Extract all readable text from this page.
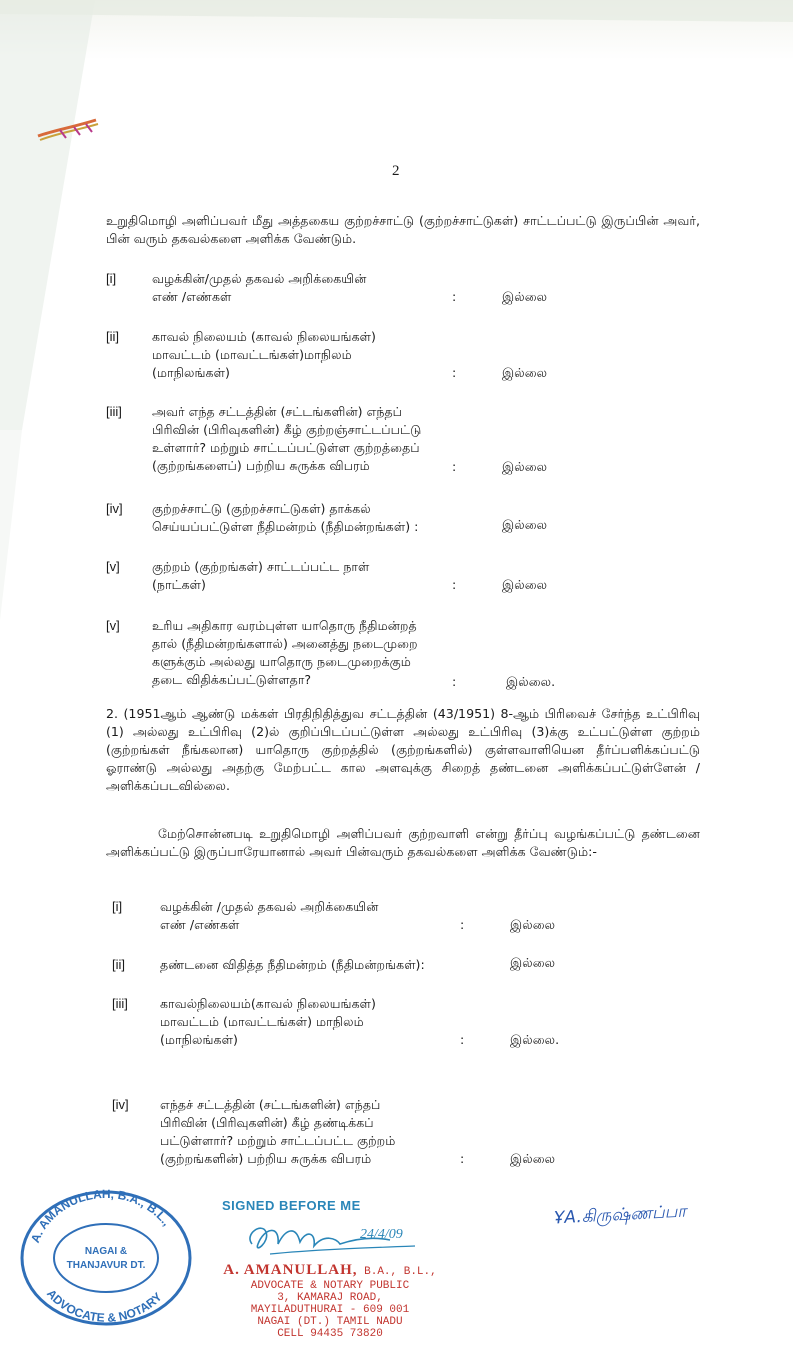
2
உறுதிமொழி அளிப்பவர் மீது அத்தகைய குற்றச்சாட்டு (குற்றச்சாட்டுகள்) சாட்டப்பட்டு இருப்பின் அவர், பின் வரும் தகவல்களை அளிக்க வேண்டும்.
[i]	வழக்கின்/முதல் தகவல் அறிக்கையின்
எண் /எண்கள்	:	இல்லை
[ii]	காவல் நிலையம் (காவல் நிலையங்கள்)
மாவட்டம் (மாவட்டங்கள்)மாநிலம்
(மாநிலங்கள்)	:	இல்லை
[iii] அவர் எந்த சட்டத்தின் (சட்டங்களின்) எந்தப்
பிரிவின் (பிரிவுகளின்) கீழ் குற்றஞ்சாட்டப்பட்டு
உள்ளார்? மற்றும் சாட்டப்பட்டுள்ள குற்றத்தைப்
(குற்றங்களைப்) பற்றிய சுருக்க விபரம்	:	இல்லை
[iv] குற்றச்சாட்டு (குற்றச்சாட்டுகள்) தாக்கல்
செய்யப்பட்டுள்ள நீதிமன்றம் (நீதிமன்றங்கள்) :	இல்லை
[v]	குற்றம் (குற்றங்கள்) சாட்டப்பட்ட நாள்
(நாட்கள்)	:	இல்லை
[v]	உரிய அதிகார வரம்புள்ள யாதொரு நீதிமன்றத்
தால் (நீதிமன்றங்களால்) அனைத்து நடைமுறை
களுக்கும் அல்லது யாதொரு நடைமுறைக்கும்
தடை விதிக்கப்பட்டுள்ளதா?	:	இல்லை.
2. (1951ஆம் ஆண்டு மக்கள் பிரதிநிதித்துவ சட்டத்தின் (43/1951) 8-ஆம் பிரிவைச் சேர்ந்த உட்பிரிவு (1) அல்லது உட்பிரிவு (2)ல் குறிப்பிடப்பட்டுள்ள அல்லது உட்பிரிவு (3)க்கு உட்பட்டுள்ள குற்றம் (குற்றங்கள் நீங்கலான) யாதொரு குற்றத்தில் (குற்றங்களில்) குள்ளவாளியென தீர்ப்பளிக்கப்பட்டு ஓராண்டு அல்லது அதற்கு மேற்பட்ட கால அளவுக்கு சிறைத் தண்டனை அளிக்கப்பட்டுள்ளேன் /அளிக்கப்படவில்லை.
மேற்சொன்னபடி உறுதிமொழி அளிப்பவர் குற்றவாளி என்று தீர்ப்பு வழங்கப்பட்டு தண்டனை அளிக்கப்பட்டு இருப்பாரேயானால் அவர் பின்வரும் தகவல்களை அளிக்க வேண்டும்:-
[i]	வழக்கின் /முதல் தகவல் அறிக்கையின்
எண் /எண்கள்	:	இல்லை
[ii]	தண்டனை விதித்த நீதிமன்றம் (நீதிமன்றங்கள்):	இல்லை
[iii]	காவல்நிலையம்(காவல் நிலையங்கள்)
மாவட்டம் (மாவட்டங்கள்) மாநிலம்
(மாநிலங்கள்)	:	இல்லை.
[iv] எந்தச் சட்டத்தின் (சட்டங்களின்) எந்தப்
பிரிவின் (பிரிவுகளின்) கீழ் தண்டிக்கப்
பட்டுள்ளார்? மற்றும் சாட்டப்பட்ட குற்றம்
(குற்றங்களின்) பற்றிய சுருக்க விபரம்	:	இல்லை
A. AMANULLAH, B.A., B.L.,
NAGAI &
THANJAVUR DT.
ADVOCATE & NOTARY
SIGNED BEFORE ME
24/4/09
A. AMANULLAH, B.A., B.L.,
ADVOCATE & NOTARY PUBLIC
3, KAMARAJ ROAD,
MAYILADUTHURAI - 609 001
NAGAI (DT.) TAMIL NADU
CELL 94435 73820
ҰA.கிருஷ்ணப்பா
